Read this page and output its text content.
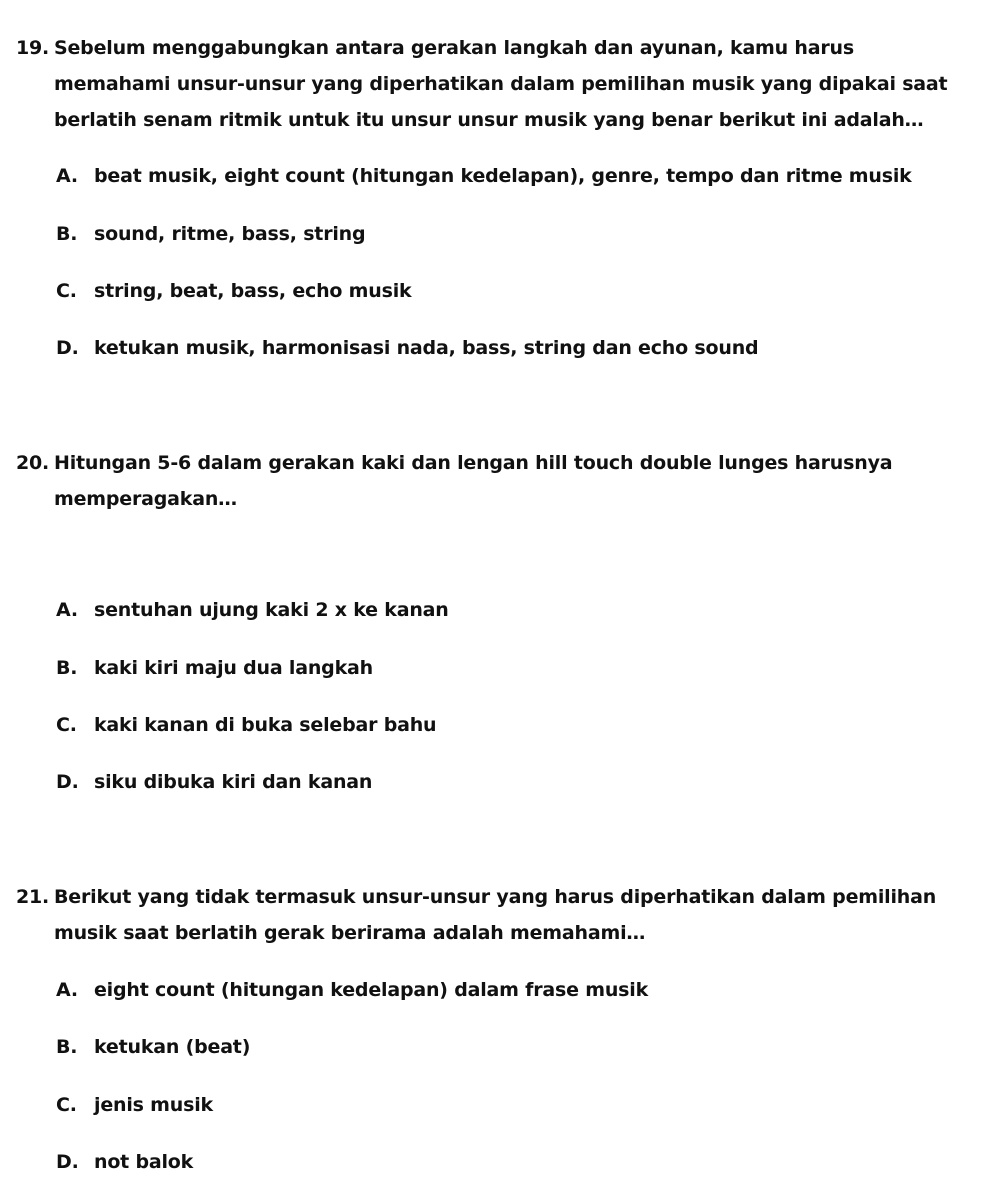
19. Sebelum menggabungkan antara gerakan langkah dan ayunan, kamu harus memahami unsur-unsur yang diperhatikan dalam pemilihan musik yang dipakai saat berlatih senam ritmik untuk itu unsur unsur musik yang benar berikut ini adalah…
A. beat musik, eight count (hitungan kedelapan), genre, tempo dan ritme musik
B. sound, ritme, bass, string
C. string, beat, bass, echo musik
D. ketukan musik, harmonisasi nada, bass, string dan echo sound
20. Hitungan 5-6 dalam gerakan kaki dan lengan hill touch double lunges harusnya memperagakan…
A. sentuhan ujung kaki 2 x ke kanan
B. kaki kiri maju dua langkah
C. kaki kanan di buka selebar bahu
D. siku dibuka kiri dan kanan
21. Berikut yang tidak termasuk unsur-unsur yang harus diperhatikan dalam pemilihan musik saat berlatih gerak berirama adalah memahami…
A. eight count (hitungan kedelapan) dalam frase musik
B. ketukan (beat)
C. jenis musik
D. not balok
